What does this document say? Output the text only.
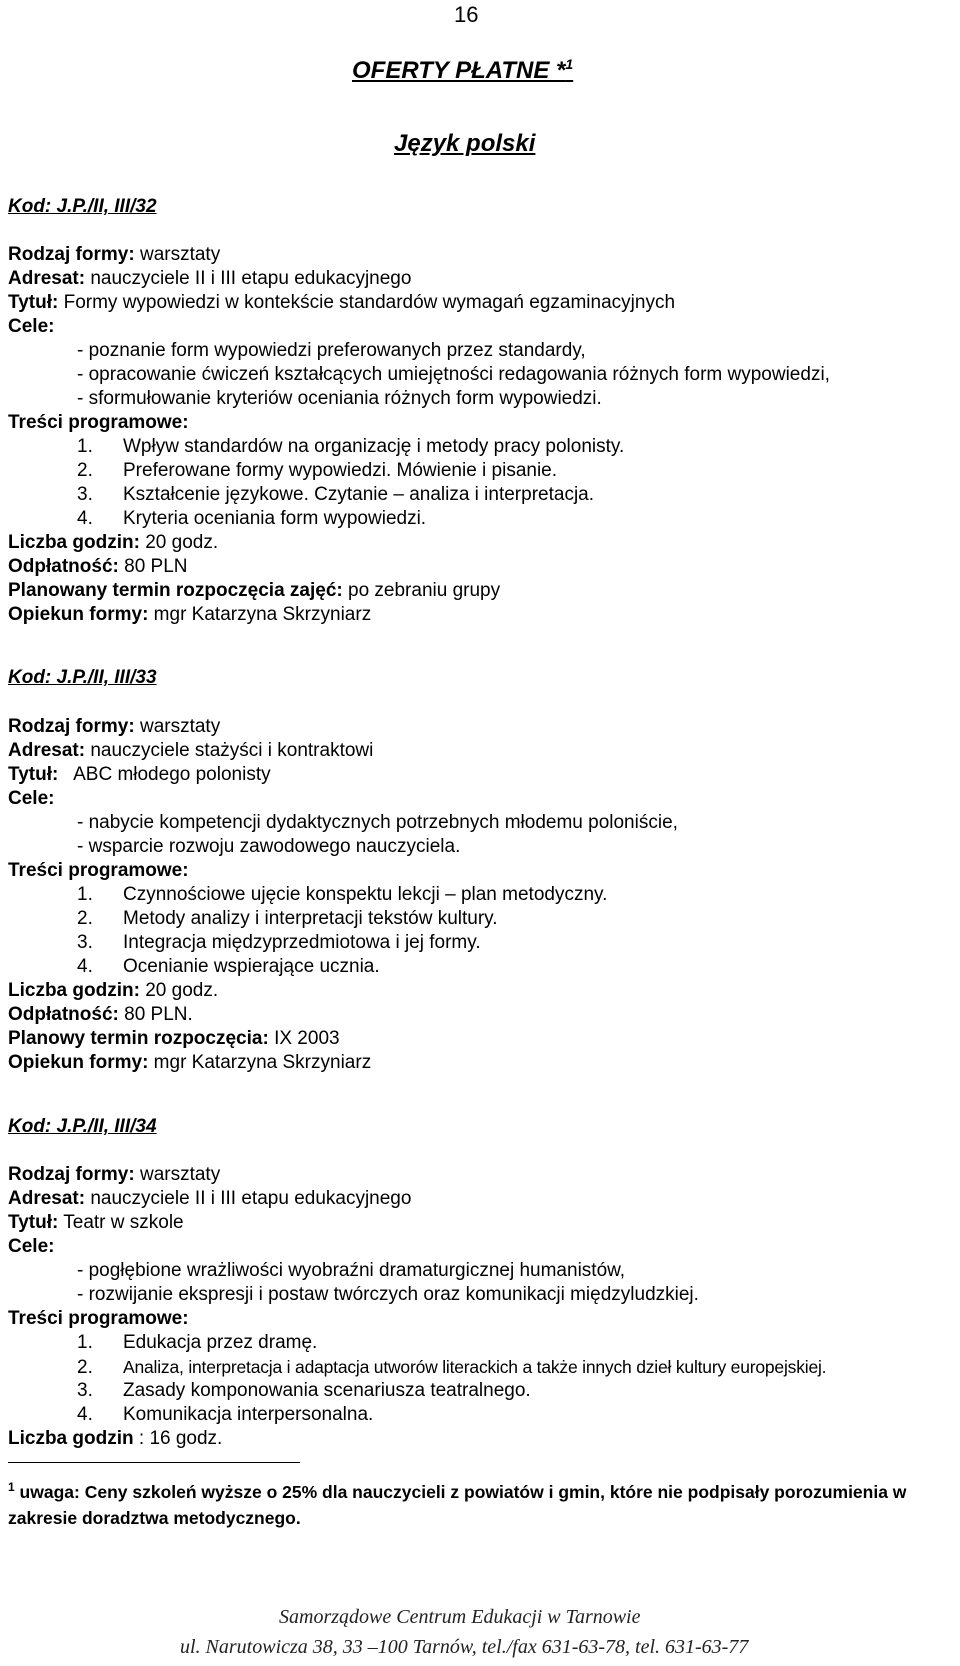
16
OFERTY PŁATNE *$^1$
Język polski
Kod: J.P./II, III/32
Rodzaj formy: warsztaty
Adresat: nauczyciele II i III etapu edukacyjnego
Tytuł: Formy wypowiedzi w kontekście standardów wymagań egzaminacyjnych
Cele:
- poznanie form wypowiedzi preferowanych przez standardy,
- opracowanie ćwiczeń kształcących umiejętności redagowania różnych form wypowiedzi,
- sformułowanie kryteriów oceniania różnych form wypowiedzi.
Treści programowe:
1. Wpływ standardów na organizację i metody pracy polonisty.
2. Preferowane formy wypowiedzi. Mówienie i pisanie.
3. Kształcenie językowe. Czytanie – analiza i interpretacja.
4. Kryteria oceniania form wypowiedzi.
Liczba godzin: 20 godz.
Odpłatność: 80 PLN
Planowany termin rozpoczęcia zajęć: po zebraniu grupy
Opiekun formy: mgr Katarzyna Skrzyniarz
Kod: J.P./II, III/33
Rodzaj formy: warsztaty
Adresat: nauczyciele stażyści i kontraktowi
Tytuł:   ABC młodego polonisty
Cele:
- nabycie kompetencji dydaktycznych potrzebnych młodemu poloniście,
- wsparcie rozwoju zawodowego nauczyciela.
Treści programowe:
1. Czynnościowe ujęcie konspektu lekcji – plan metodyczny.
2. Metody analizy i interpretacji tekstów kultury.
3. Integracja międzyprzedmiotowa i jej formy.
4. Ocenianie wspierające ucznia.
Liczba godzin: 20 godz.
Odpłatność: 80 PLN.
Planowy termin rozpoczęcia: IX 2003
Opiekun formy: mgr Katarzyna Skrzyniarz
Kod: J.P./II, III/34
Rodzaj formy: warsztaty
Adresat: nauczyciele II i III etapu edukacyjnego
Tytuł: Teatr w szkole
Cele:
- pogłębione wrażliwości wyobraźni dramaturgicznej humanistów,
- rozwijanie ekspresji i postaw twórczych oraz komunikacji międzyludzkiej.
Treści programowe:
1. Edukacja przez dramę.
2. Analiza, interpretacja i adaptacja utworów literackich a także innych dzieł kultury europejskiej.
3. Zasady komponowania scenariusza teatralnego.
4. Komunikacja interpersonalna.
Liczba godzin : 16 godz.
$^1$ uwaga: Ceny szkoleń wyższe o 25% dla nauczycieli z powiatów i gmin, które nie podpisały porozumienia w zakresie doradztwa metodycznego.
Samorządowe Centrum Edukacji w Tarnowie
ul. Narutowicza 38, 33 –100 Tarnów, tel./fax 631-63-78, tel. 631-63-77
